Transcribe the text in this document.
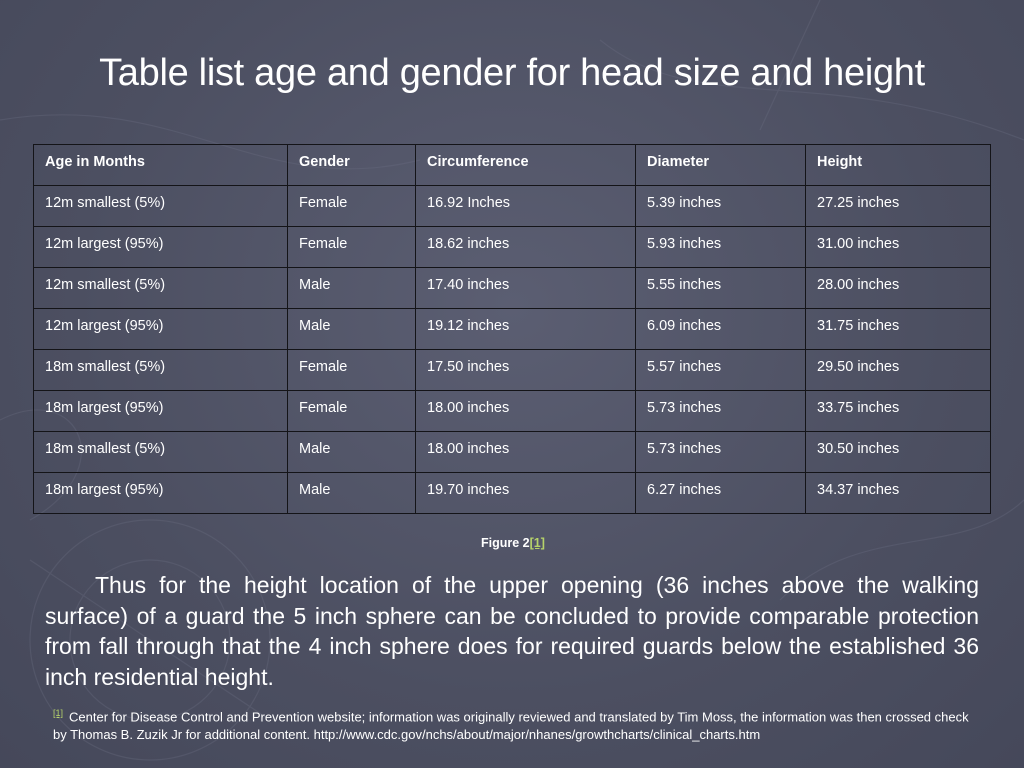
Table list age and gender for head size and height
Age in Months	Gender	Circumference	Diameter	Height
12m smallest (5%)	Female	16.92 Inches	5.39 inches	27.25 inches
12m largest (95%)	Female	18.62 inches	5.93 inches	31.00 inches
12m smallest (5%)	Male	17.40 inches	5.55 inches	28.00 inches
12m largest (95%)	Male	19.12 inches	6.09 inches	31.75 inches
18m smallest (5%)	Female	17.50 inches	5.57 inches	29.50 inches
18m largest (95%)	Female	18.00 inches	5.73 inches	33.75 inches
18m smallest (5%)	Male	18.00 inches	5.73 inches	30.50 inches
18m largest (95%)	Male	19.70 inches	6.27 inches	34.37 inches
Figure 2[1]
Thus for the height location of the upper opening (36 inches above the walking surface) of a guard the 5 inch sphere can be concluded to provide comparable protection from fall through that the 4 inch sphere does for required guards below the established 36 inch residential height.
[1] Center for Disease Control and Prevention website; information was originally reviewed and translated by Tim Moss, the information was then crossed check by Thomas B. Zuzik Jr for additional content. http://www.cdc.gov/nchs/about/major/nhanes/growthcharts/clinical_charts.htm
